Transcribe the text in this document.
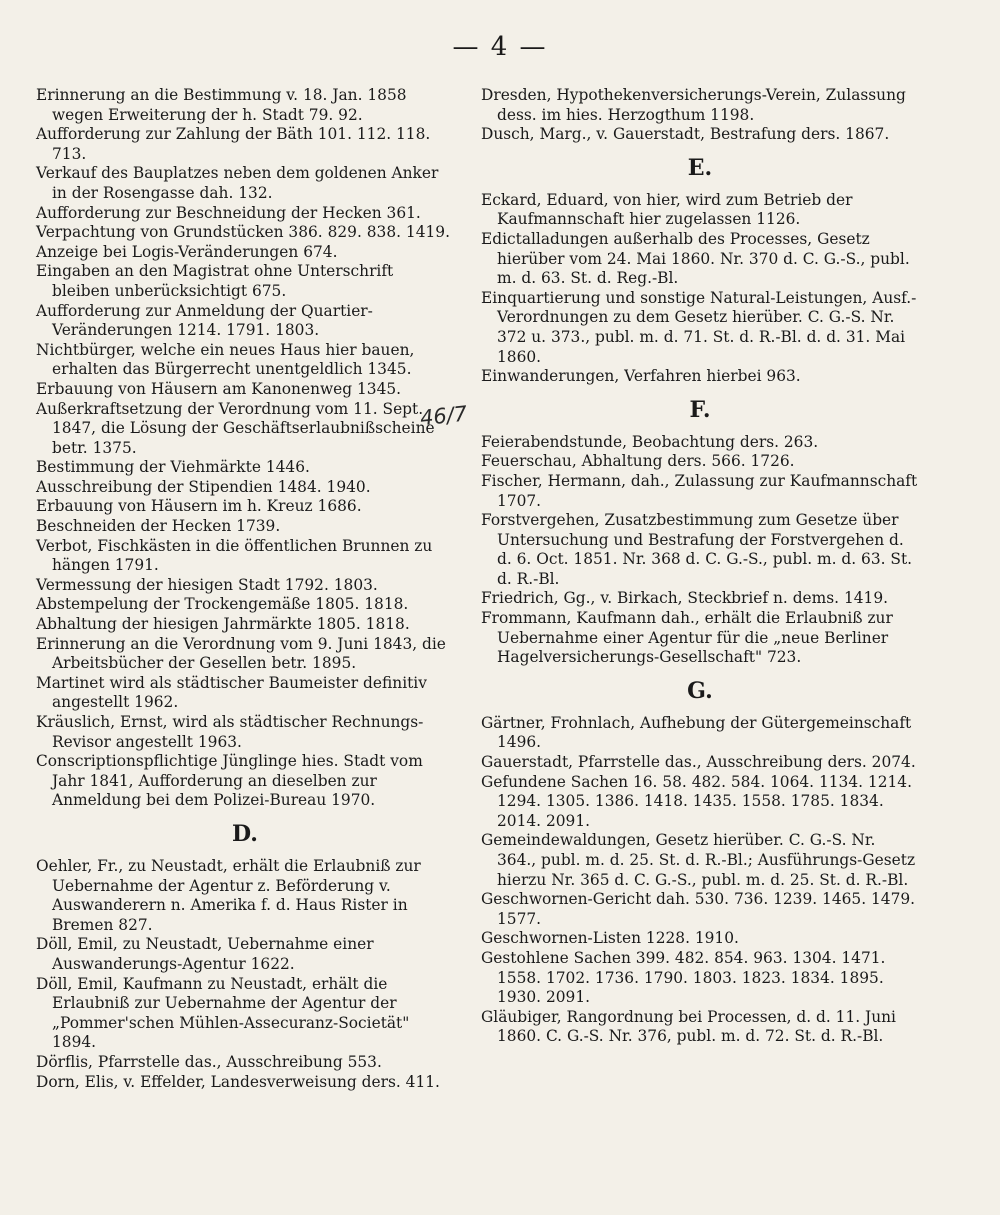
— 4 —
Erinnerung an die Bestimmung v. 18. Jan. 1858 wegen Erweiterung der h. Stadt 79. 92.
Aufforderung zur Zahlung der Bäth 101. 112. 118. 713.
Verkauf des Bauplatzes neben dem goldenen Anker in der Rosengasse dah. 132.
Aufforderung zur Beschneidung der Hecken 361.
Verpachtung von Grundstücken 386. 829. 838. 1419.
Anzeige bei Logis-Veränderungen 674.
Eingaben an den Magistrat ohne Unterschrift bleiben unberücksichtigt 675.
Aufforderung zur Anmeldung der Quartier-Veränderungen 1214. 1791. 1803.
Nichtbürger, welche ein neues Haus hier bauen, erhalten das Bürgerrecht unentgeldlich 1345.
Erbauung von Häusern am Kanonenweg 1345.
Außerkraftsetzung der Verordnung vom 11. Sept. 1847, die Lösung der Geschäftserlaubnißscheine betr. 1375.
Bestimmung der Viehmärkte 1446.
Ausschreibung der Stipendien 1484. 1940.
Erbauung von Häusern im h. Kreuz 1686.
Beschneiden der Hecken 1739.
Verbot, Fischkästen in die öffentlichen Brunnen zu hängen 1791.
Vermessung der hiesigen Stadt 1792. 1803.
Abstempelung der Trockengemäße 1805. 1818.
Abhaltung der hiesigen Jahrmärkte 1805. 1818.
Erinnerung an die Verordnung vom 9. Juni 1843, die Arbeitsbücher der Gesellen betr. 1895.
Martinet wird als städtischer Baumeister definitiv angestellt 1962.
Kräuslich, Ernst, wird als städtischer Rechnungs-Revisor angestellt 1963.
Conscriptionspflichtige Jünglinge hies. Stadt vom Jahr 1841, Aufforderung an dieselben zur Anmeldung bei dem Polizei-Bureau 1970.
D.
Oehler, Fr., zu Neustadt, erhält die Erlaubniß zur Uebernahme der Agentur z. Beförderung v. Auswanderern n. Amerika f. d. Haus Rister in Bremen 827.
Döll, Emil, zu Neustadt, Uebernahme einer Auswanderungs-Agentur 1622.
Döll, Emil, Kaufmann zu Neustadt, erhält die Erlaubniß zur Uebernahme der Agentur der „Pommer'schen Mühlen-Assecuranz-Societät" 1894.
Dörflis, Pfarrstelle das., Ausschreibung 553.
Dorn, Elis, v. Effelder, Landesverweisung ders. 411.
46/7
Dresden, Hypothekenversicherungs-Verein, Zulassung dess. im hies. Herzogthum 1198.
Dusch, Marg., v. Gauerstadt, Bestrafung ders. 1867.
E.
Eckard, Eduard, von hier, wird zum Betrieb der Kaufmannschaft hier zugelassen 1126.
Edictalladungen außerhalb des Processes, Gesetz hierüber vom 24. Mai 1860. Nr. 370 d. C. G.-S., publ. m. d. 63. St. d. Reg.-Bl.
Einquartierung und sonstige Natural-Leistungen, Ausf.-Verordnungen zu dem Gesetz hierüber. C. G.-S. Nr. 372 u. 373., publ. m. d. 71. St. d. R.-Bl. d. d. 31. Mai 1860.
Einwanderungen, Verfahren hierbei 963.
F.
Feierabendstunde, Beobachtung ders. 263.
Feuerschau, Abhaltung ders. 566. 1726.
Fischer, Hermann, dah., Zulassung zur Kaufmannschaft 1707.
Forstvergehen, Zusatzbestimmung zum Gesetze über Untersuchung und Bestrafung der Forstvergehen d. d. 6. Oct. 1851. Nr. 368 d. C. G.-S., publ. m. d. 63. St. d. R.-Bl.
Friedrich, Gg., v. Birkach, Steckbrief n. dems. 1419.
Frommann, Kaufmann dah., erhält die Erlaubniß zur Uebernahme einer Agentur für die „neue Berliner Hagelversicherungs-Gesellschaft" 723.
G.
Gärtner, Frohnlach, Aufhebung der Gütergemeinschaft 1496.
Gauerstadt, Pfarrstelle das., Ausschreibung ders. 2074.
Gefundene Sachen 16. 58. 482. 584. 1064. 1134. 1214. 1294. 1305. 1386. 1418. 1435. 1558. 1785. 1834. 2014. 2091.
Gemeindewaldungen, Gesetz hierüber. C. G.-S. Nr. 364., publ. m. d. 25. St. d. R.-Bl.; Ausführungs-Gesetz hierzu Nr. 365 d. C. G.-S., publ. m. d. 25. St. d. R.-Bl.
Geschwornen-Gericht dah. 530. 736. 1239. 1465. 1479. 1577.
Geschwornen-Listen 1228. 1910.
Gestohlene Sachen 399. 482. 854. 963. 1304. 1471. 1558. 1702. 1736. 1790. 1803. 1823. 1834. 1895. 1930. 2091.
Gläubiger, Rangordnung bei Processen, d. d. 11. Juni 1860. C. G.-S. Nr. 376, publ. m. d. 72. St. d. R.-Bl.
